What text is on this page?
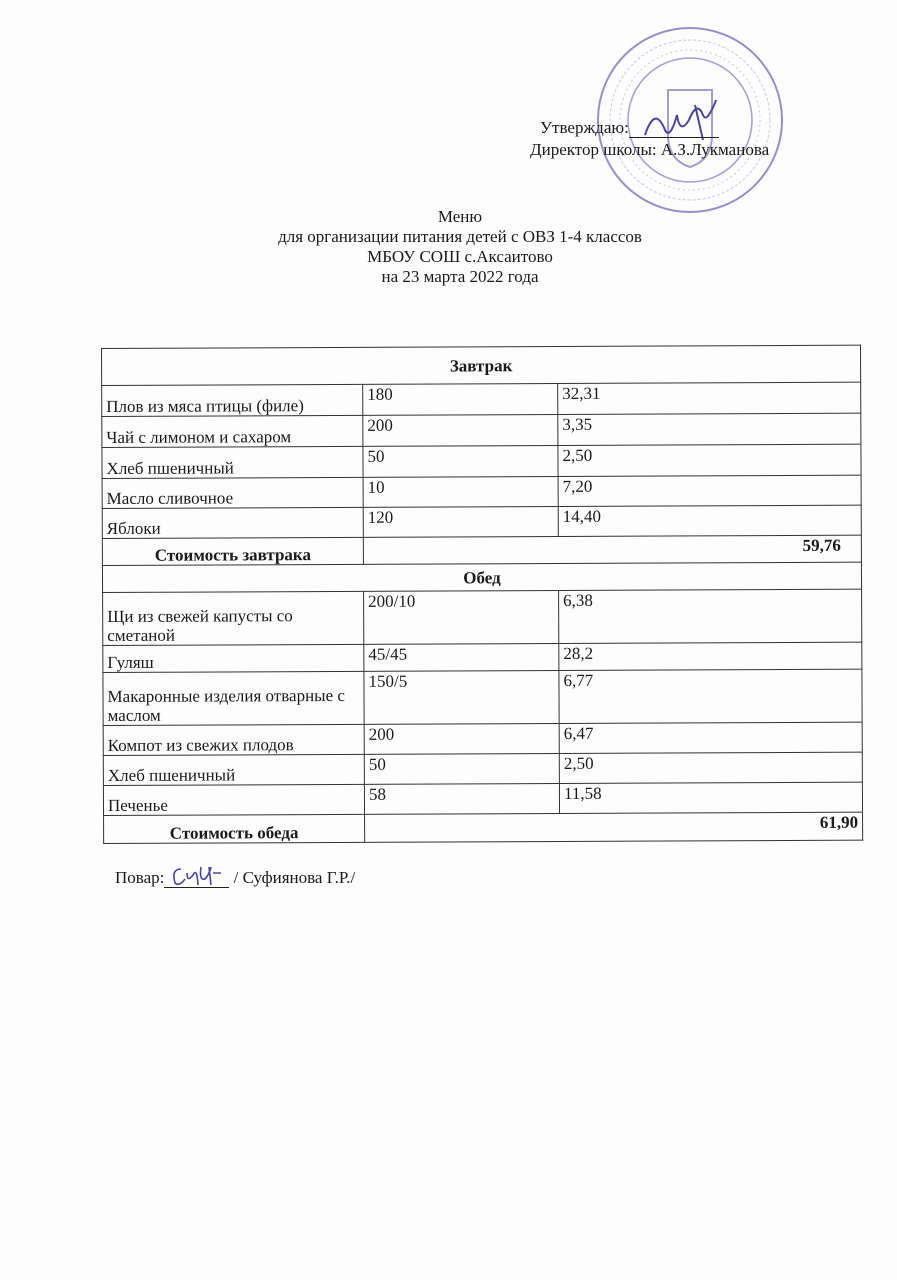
Утверждаю:
Директор школы: А.З.Лукманова
Меню
для организации питания детей с ОВЗ 1-4 классов
МБОУ СОШ с.Аксаитово
на 23 марта 2022 года
Завтрак		
Плов из мяса птицы (филе)	180	32,31
Чай с лимоном и сахаром	200	3,35
Хлеб пшеничный	50	2,50
Масло сливочное	10	7,20
Яблоки	120	14,40
Стоимость завтрака	59,76	
Обед		
Щи из свежей капусты со сметаной	200/10	6,38
Гуляш	45/45	28,2
Макаронные изделия отварные с маслом	150/5	6,77
Компот из свежих плодов	200	6,47
Хлеб пшеничный	50	2,50
Печенье	58	11,58
Стоимость обеда	61,90	
Повар:	/ Суфиянова Г.Р./
